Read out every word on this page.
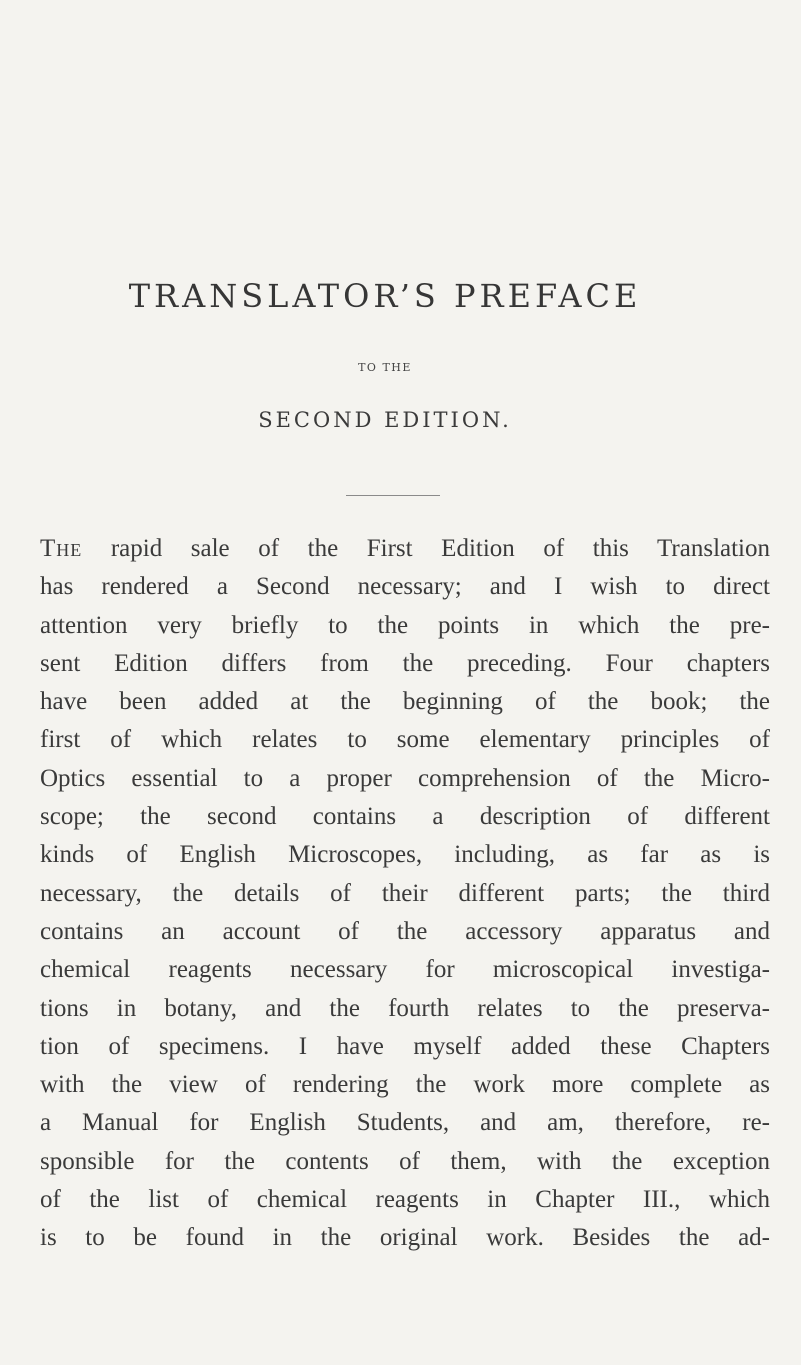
TRANSLATOR’S PREFACE
TO THE
SECOND EDITION.
The rapid sale of the First Edition of this Translation
has rendered a Second necessary; and I wish to direct
attention very briefly to the points in which the pre-
sent Edition differs from the preceding. Four chapters
have been added at the beginning of the book; the
first of which relates to some elementary principles of
Optics essential to a proper comprehension of the Micro-
scope; the second contains a description of different
kinds of English Microscopes, including, as far as is
necessary, the details of their different parts; the third
contains an account of the accessory apparatus and
chemical reagents necessary for microscopical investiga-
tions in botany, and the fourth relates to the preserva-
tion of specimens. I have myself added these Chapters
with the view of rendering the work more complete as
a Manual for English Students, and am, therefore, re-
sponsible for the contents of them, with the exception
of the list of chemical reagents in Chapter III., which
is to be found in the original work. Besides the ad-
